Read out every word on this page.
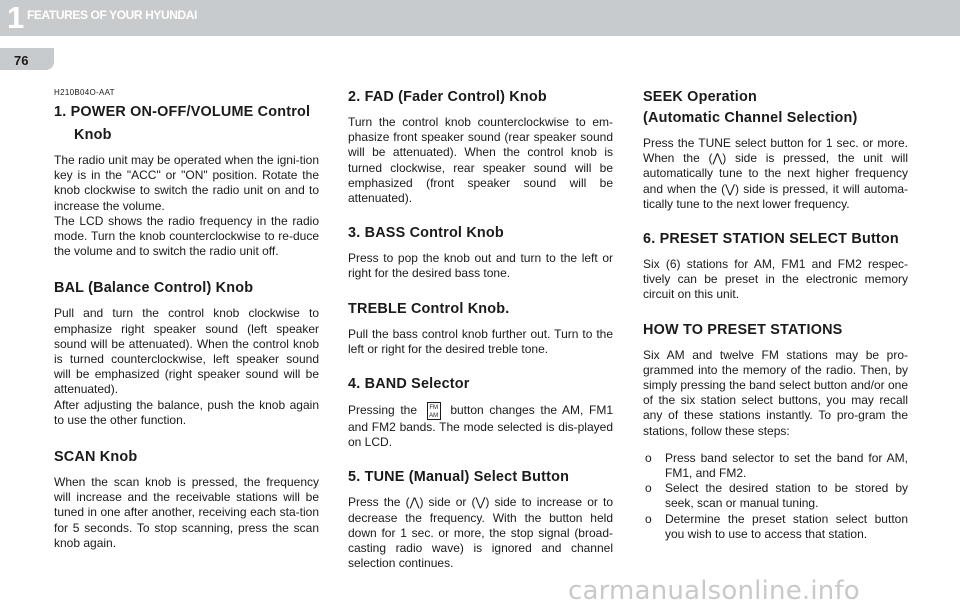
1 FEATURES OF YOUR HYUNDAI
76
H210B04O-AAT
1. POWER ON-OFF/VOLUME Control
Knob

The radio unit may be operated when the igni-tion key is in the "ACC" or "ON" position. Rotate the knob clockwise to switch the radio unit on and to increase the volume.

The LCD shows the radio frequency in the radio mode. Turn the knob counterclockwise to re-duce the volume and to switch the radio unit off.

BAL (Balance Control) Knob

Pull and turn the control knob clockwise to emphasize right speaker sound (left speaker sound will be attenuated). When the control knob is turned counterclockwise, left speaker sound will be emphasized (right speaker sound will be attenuated).

After adjusting the balance, push the knob again to use the other function.

SCAN Knob

When the scan knob is pressed, the frequency will increase and the receivable stations will be tuned in one after another, receiving each sta-tion for 5 seconds. To stop scanning, press the scan knob again.

2. FAD (Fader Control) Knob

Turn the control knob counterclockwise to em-phasize front speaker sound (rear speaker sound will be attenuated). When the control knob is turned clockwise, rear speaker sound will be emphasized (front speaker sound will be attenuated).

3. BASS Control Knob

Press to pop the knob out and turn to the left or right for the desired bass tone.

TREBLE Control Knob.

Pull the bass control knob further out. Turn to the left or right for the desired treble tone.

4. BAND Selector

Pressing the FM
AM button changes the AM, FM1 and FM2 bands. The mode selected is dis-played on LCD.

5. TUNE (Manual) Select Button

Press the (⋀) side or (⋁) side to increase or to decrease the frequency. With the button held down for 1 sec. or more, the stop signal (broad-casting radio wave) is ignored and channel selection continues.

SEEK Operation
(Automatic Channel Selection)

Press the TUNE select button for 1 sec. or more. When the (⋀) side is pressed, the unit will automatically tune to the next higher frequency and when the (⋁) side is pressed, it will automa-tically tune to the next lower frequency.

6. PRESET STATION SELECT Button

Six (6) stations for AM, FM1 and FM2 respec-tively can be preset in the electronic memory circuit on this unit.

HOW TO PRESET STATIONS

Six AM and twelve FM stations may be pro-grammed into the memory of the radio. Then, by simply pressing the band select button and/or one of the six station select buttons, you may recall any of these stations instantly. To pro-gram the stations, follow these steps:

o Press band selector to set the band for AM, FM1, and FM2.
o Select the desired station to be stored by seek, scan or manual tuning.
o Determine the preset station select button you wish to use to access that station.
carmanualsonline.info
